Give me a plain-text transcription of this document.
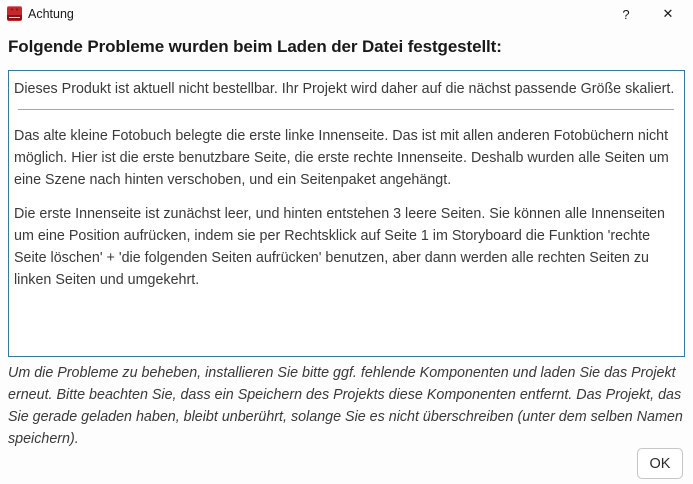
Achtung	?	✕
Folgende Probleme wurden beim Laden der Datei festgestellt:

Dieses Produkt ist aktuell nicht bestellbar. Ihr Projekt wird daher auf die nächst passende Größe skaliert.

Das alte kleine Fotobuch belegte die erste linke Innenseite. Das ist mit allen anderen Fotobüchern nicht möglich. Hier ist die erste benutzbare Seite, die erste rechte Innenseite. Deshalb wurden alle Seiten um eine Szene nach hinten verschoben, und ein Seitenpaket angehängt.

Die erste Innenseite ist zunächst leer, und hinten entstehen 3 leere Seiten. Sie können alle Innenseiten um eine Position aufrücken, indem sie per Rechtsklick auf Seite 1 im Storyboard die Funktion 'rechte Seite löschen' + 'die folgenden Seiten aufrücken' benutzen, aber dann werden alle rechten Seiten zu linken Seiten und umgekehrt.

Um die Probleme zu beheben, installieren Sie bitte ggf. fehlende Komponenten und laden Sie das Projekt erneut. Bitte beachten Sie, dass ein Speichern des Projekts diese Komponenten entfernt. Das Projekt, das Sie gerade geladen haben, bleibt unberührt, solange Sie es nicht überschreiben (unter dem selben Namen speichern).

OK
